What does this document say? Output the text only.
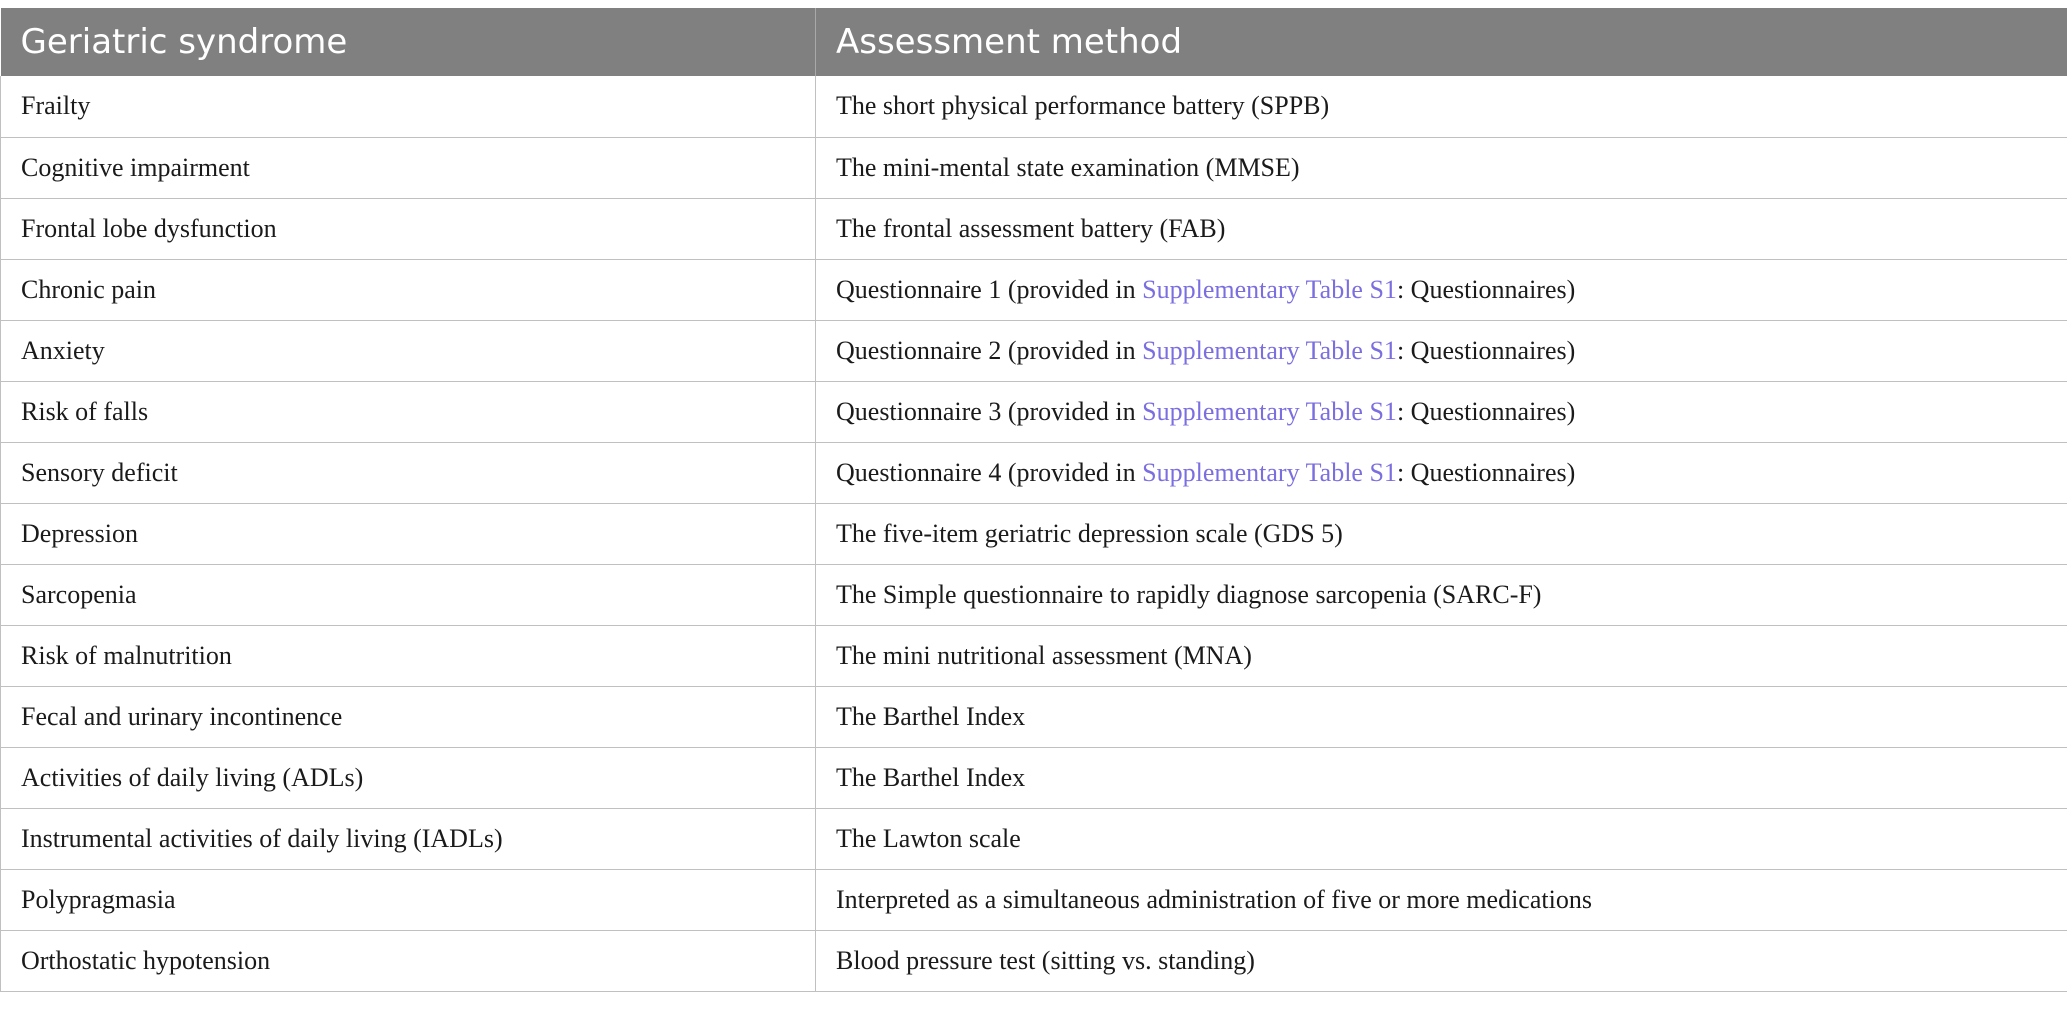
Geriatric syndrome	Assessment method
Frailty	The short physical performance battery (SPPB)
Cognitive impairment	The mini-mental state examination (MMSE)
Frontal lobe dysfunction	The frontal assessment battery (FAB)
Chronic pain	Questionnaire 1 (provided in Supplementary Table S1: Questionnaires)
Anxiety	Questionnaire 2 (provided in Supplementary Table S1: Questionnaires)
Risk of falls	Questionnaire 3 (provided in Supplementary Table S1: Questionnaires)
Sensory deficit	Questionnaire 4 (provided in Supplementary Table S1: Questionnaires)
Depression	The five-item geriatric depression scale (GDS 5)
Sarcopenia	The Simple questionnaire to rapidly diagnose sarcopenia (SARC-F)
Risk of malnutrition	The mini nutritional assessment (MNA)
Fecal and urinary incontinence	The Barthel Index
Activities of daily living (ADLs)	The Barthel Index
Instrumental activities of daily living (IADLs)	The Lawton scale
Polypragmasia	Interpreted as a simultaneous administration of five or more medications
Orthostatic hypotension	Blood pressure test (sitting vs. standing)
